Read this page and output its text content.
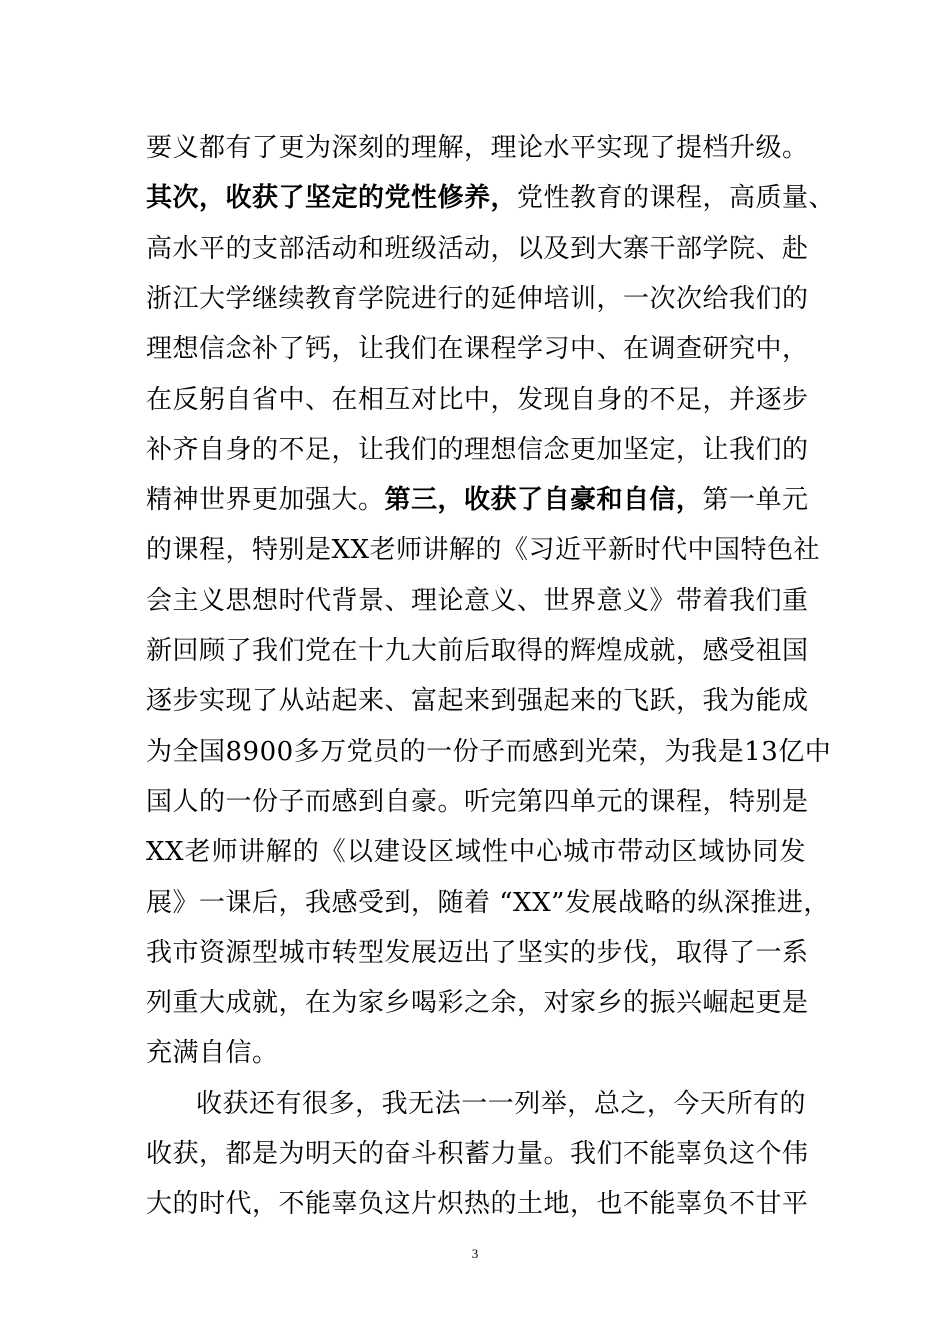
要义都有了更为深刻的理解，理论水平实现了提档升级。
其次，收获了坚定的党性修养，党性教育的课程，高质量、
高水平的支部活动和班级活动，以及到大寨干部学院、赴
浙江大学继续教育学院进行的延伸培训，一次次给我们的
理想信念补了钙，让我们在课程学习中、在调查研究中，
在反躬自省中、在相互对比中，发现自身的不足，并逐步
补齐自身的不足，让我们的理想信念更加坚定，让我们的
精神世界更加强大。第三，收获了自豪和自信，第一单元
的课程，特别是XX老师讲解的《习近平新时代中国特色社
会主义思想时代背景、理论意义、世界意义》带着我们重
新回顾了我们党在十九大前后取得的辉煌成就，感受祖国
逐步实现了从站起来、富起来到强起来的飞跃，我为能成
为全国8900多万党员的一份子而感到光荣，为我是13亿中
国人的一份子而感到自豪。听完第四单元的课程，特别是
XX老师讲解的《以建设区域性中心城市带动区域协同发
展》一课后，我感受到，随着 “XX”发展战略的纵深推进，
我市资源型城市转型发展迈出了坚实的步伐，取得了一系
列重大成就，在为家乡喝彩之余，对家乡的振兴崛起更是
充满自信。
收获还有很多，我无法一一列举，总之，今天所有的
收获，都是为明天的奋斗积蓄力量。我们不能辜负这个伟
大的时代，不能辜负这片炽热的土地，也不能辜负不甘平
3
